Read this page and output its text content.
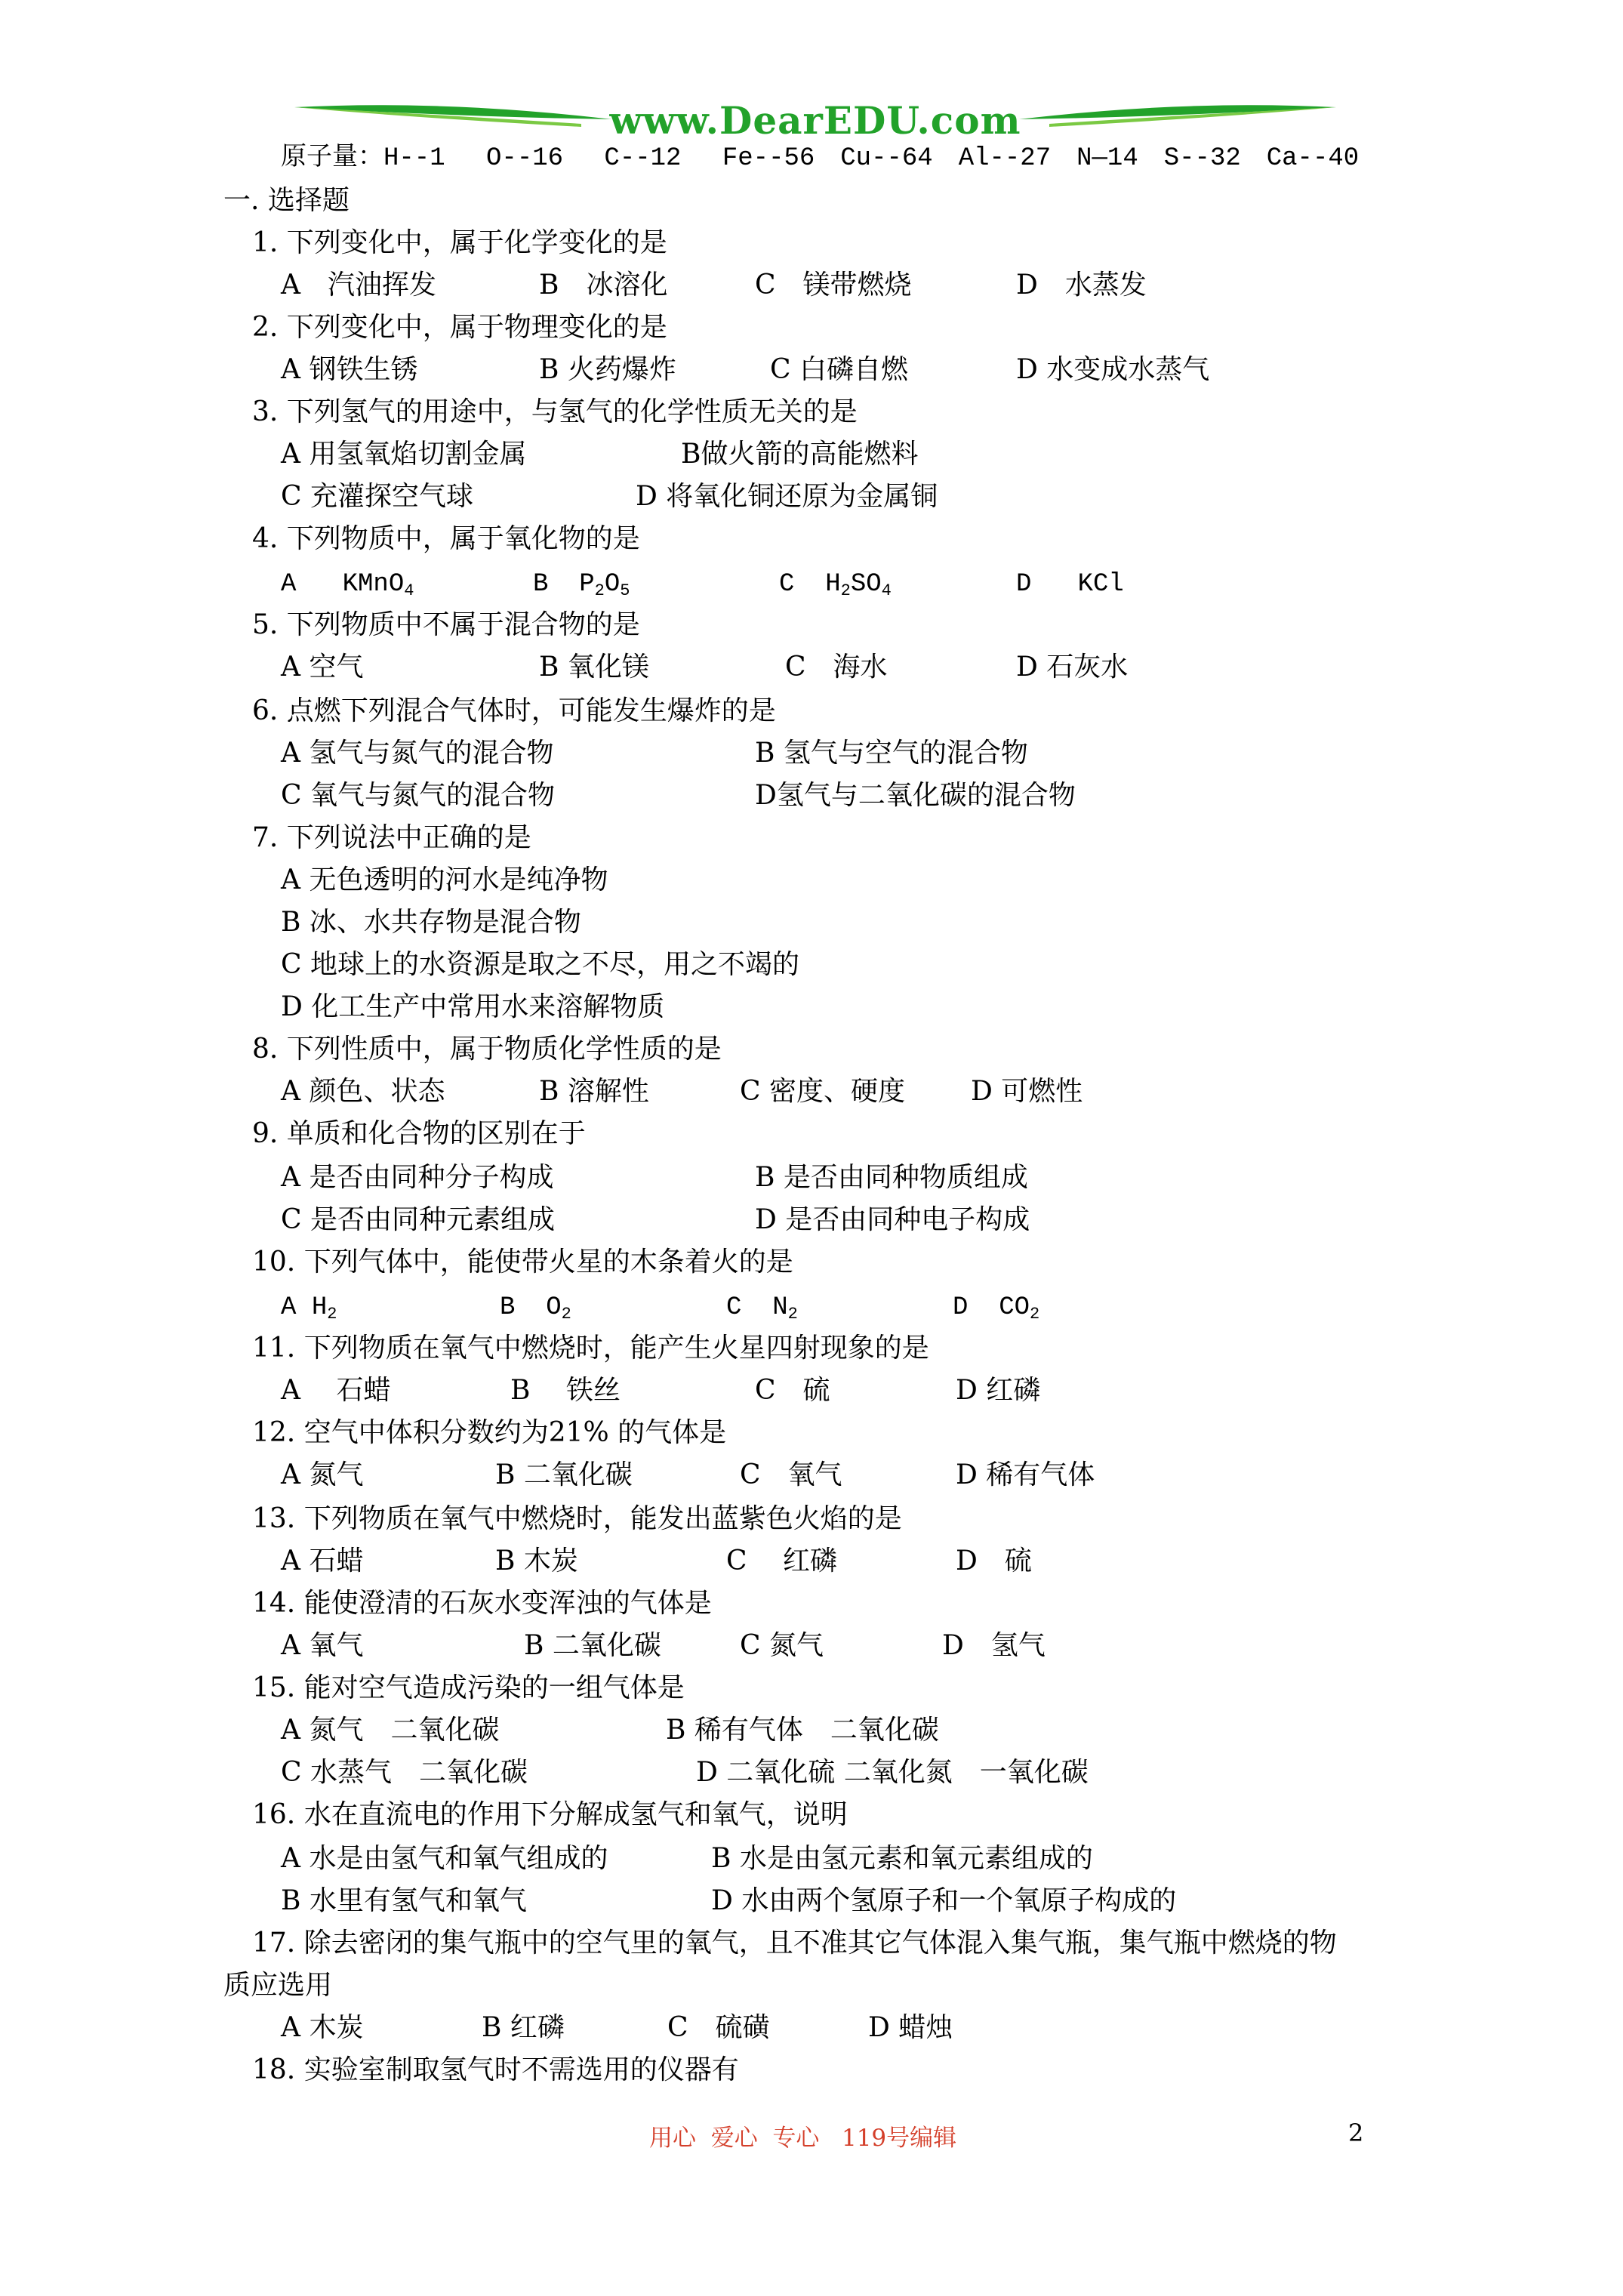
www.DearEDU.com
原子量：H--1　 O--16　 C--12　 Fe--56　Cu--64　Al--27　N—14　S--32　Ca--40
一. 选择题
1. 下列变化中，属于化学变化的是
A　汽油挥发	B　冰溶化	C　镁带燃烧	D　水蒸发
2. 下列变化中，属于物理变化的是
A 钢铁生锈	B 火药爆炸	C 白磷自燃	D 水变成水蒸气
3. 下列氢气的用途中，与氢气的化学性质无关的是
A 用氢氧焰切割金属	B做火箭的高能燃料
C 充灌探空气球	D 将氧化铜还原为金属铜
4. 下列物质中，属于氧化物的是
A KMnO$_4$	B $P_2O_5$	C $H_2SO_4$	D KCl
5. 下列物质中不属于混合物的是
A 空气	B 氧化镁	C　海水	D 石灰水
6. 点燃下列混合气体时，可能发生爆炸的是
A 氢气与氮气的混合物	B 氢气与空气的混合物
C 氧气与氮气的混合物	D氢气与二氧化碳的混合物
7. 下列说法中正确的是
A 无色透明的河水是纯净物
B 冰、水共存物是混合物
C 地球上的水资源是取之不尽，用之不竭的
D 化工生产中常用水来溶解物质
8. 下列性质中，属于物质化学性质的是
A 颜色、状态	B 溶解性	C 密度、硬度 D 可燃性
9. 单质和化合物的区别在于
A 是否由同种分子构成	B 是否由同种物质组成
C 是否由同种元素组成	D 是否由同种电子构成
10. 下列气体中，能使带火星的木条着火的是
A $H_2$	B $O_2$	C $N_2$	D $CO_2$
11. 下列物质在氧气中燃烧时，能产生火星四射现象的是
A　 石蜡	B　 铁丝	C　硫	D 红磷
12. 空气中体积分数约为21% 的气体是
A 氮气	B 二氧化碳	C　氧气	D 稀有气体
13. 下列物质在氧气中燃烧时，能发出蓝紫色火焰的是
A 石蜡	B 木炭	C　 红磷	D　硫
14. 能使澄清的石灰水变浑浊的气体是
A 氧气	B 二氧化碳	C 氮气	D　氢气
15. 能对空气造成污染的一组气体是
A 氮气　二氧化碳	B 稀有气体　二氧化碳
C 水蒸气　二氧化碳	D 二氧化硫 二氧化氮　一氧化碳
16. 水在直流电的作用下分解成氢气和氧气，说明
A 水是由氢气和氧气组成的	B 水是由氢元素和氧元素组成的
B 水里有氢气和氧气	D 水由两个氢原子和一个氧原子构成的
17. 除去密闭的集气瓶中的空气里的氧气，且不准其它气体混入集气瓶，集气瓶中燃烧的物
质应选用
A 木炭	B 红磷	C　硫磺	D 蜡烛
18. 实验室制取氢气时不需选用的仪器有
用心  爱心  专心   119号编辑	2
